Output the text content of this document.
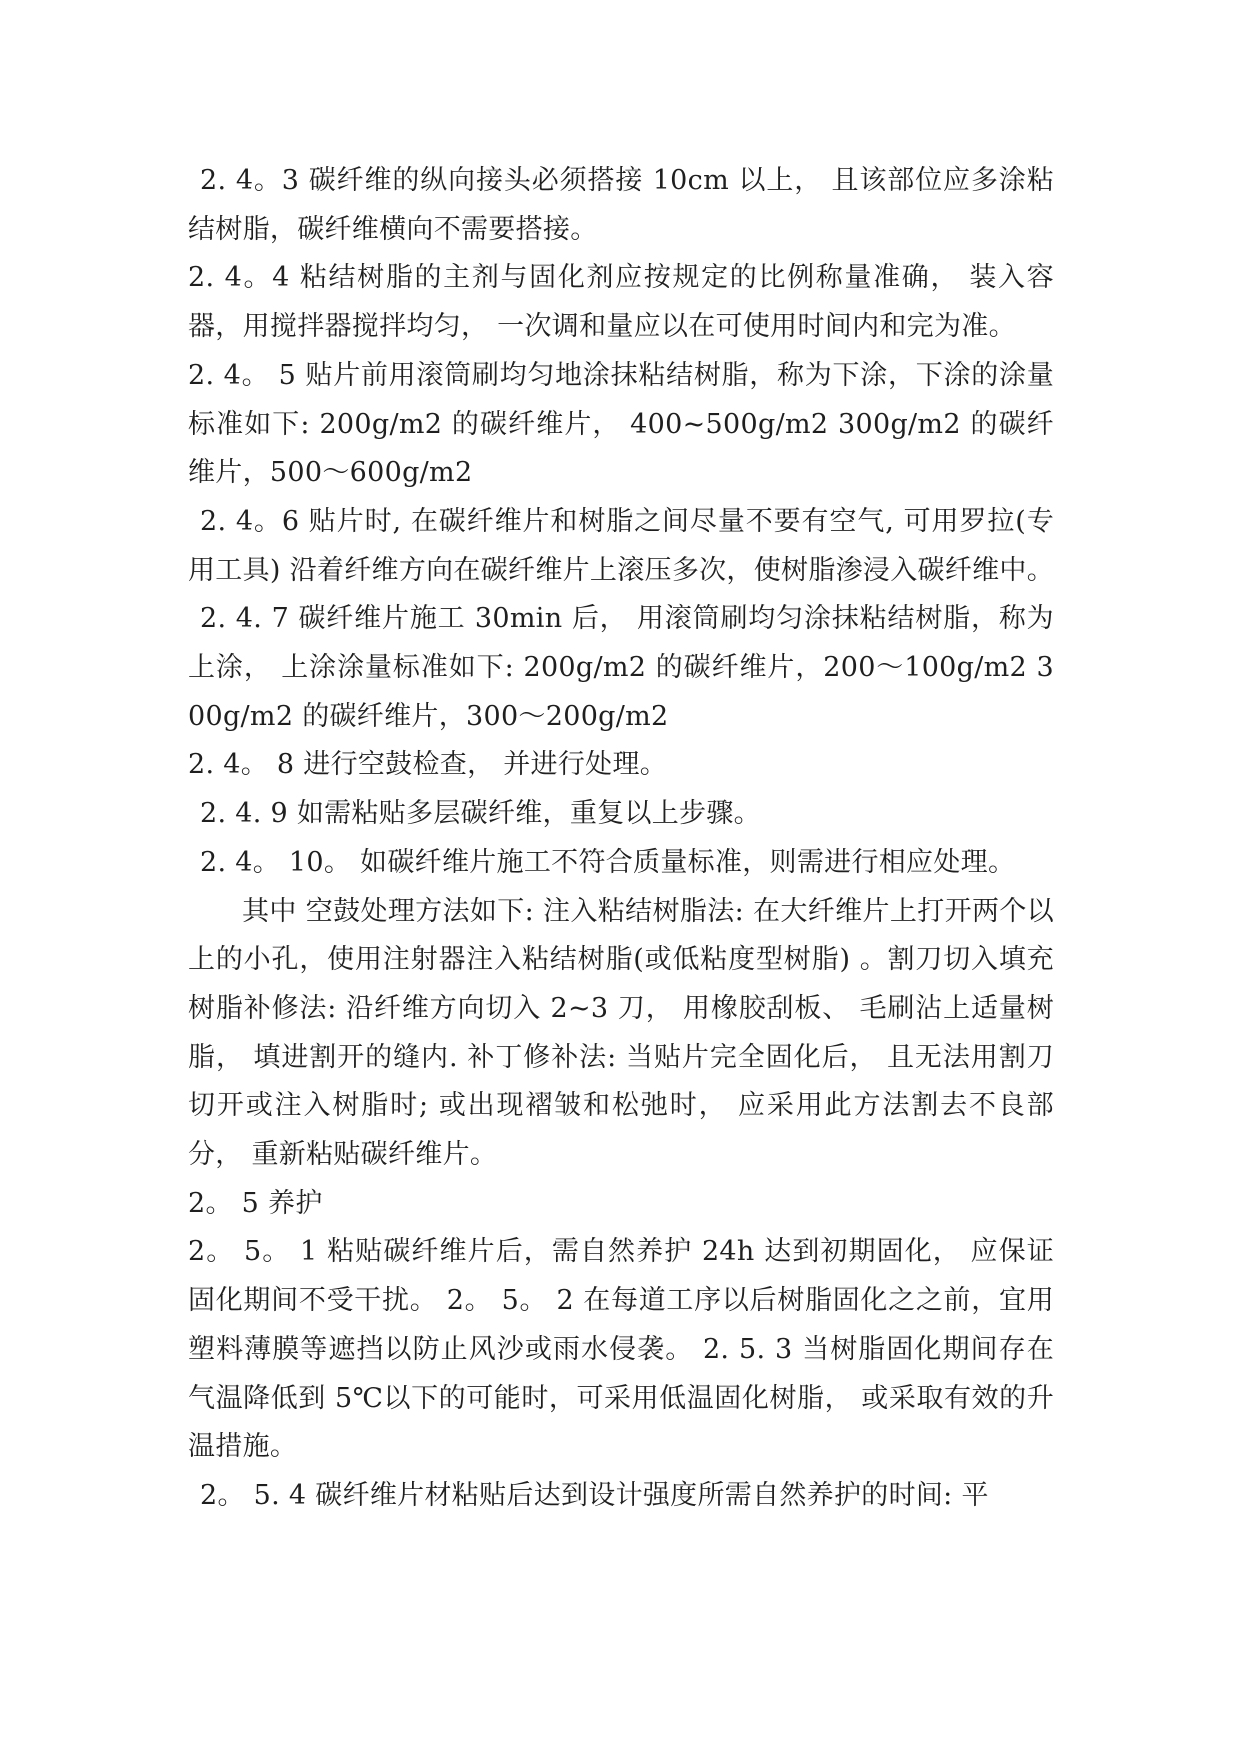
2. 4。3 碳纤维的纵向接头必须搭接 10cm 以上， 且该部位应多涂粘结树脂，碳纤维横向不需要搭接。

2. 4。4 粘结树脂的主剂与固化剂应按规定的比例称量准确， 装入容器，用搅拌器搅拌均匀， 一次调和量应以在可使用时间内和完为准。

2. 4。 5 贴片前用滚筒刷均匀地涂抹粘结树脂，称为下涂，下涂的涂量标准如下: 200g/m2 的碳纤维片， 400~500g/m2 300g/m2 的碳纤维片，500～600g/m2

2. 4。6 贴片时, 在碳纤维片和树脂之间尽量不要有空气, 可用罗拉(专用工具) 沿着纤维方向在碳纤维片上滚压多次，使树脂渗浸入碳纤维中。

2. 4. 7 碳纤维片施工 30min 后， 用滚筒刷均匀涂抹粘结树脂，称为上涂， 上涂涂量标准如下: 200g/m2 的碳纤维片，200～100g/m2 300g/m2 的碳纤维片，300～200g/m2

2. 4。 8 进行空鼓检查， 并进行处理。

2. 4. 9 如需粘贴多层碳纤维，重复以上步骤。

2. 4。 10。 如碳纤维片施工不符合质量标准，则需进行相应处理。

其中 空鼓处理方法如下: 注入粘结树脂法: 在大纤维片上打开两个以上的小孔，使用注射器注入粘结树脂(或低粘度型树脂) 。割刀切入填充树脂补修法: 沿纤维方向切入 2~3 刀， 用橡胶刮板、 毛刷沾上适量树脂， 填进割开的缝内. 补丁修补法: 当贴片完全固化后， 且无法用割刀切开或注入树脂时; 或出现褶皱和松弛时， 应采用此方法割去不良部分， 重新粘贴碳纤维片。

2。 5 养护

2。 5。 1 粘贴碳纤维片后，需自然养护 24h 达到初期固化， 应保证固化期间不受干扰。 2。 5。 2 在每道工序以后树脂固化之之前，宜用塑料薄膜等遮挡以防止风沙或雨水侵袭。 2. 5. 3 当树脂固化期间存在气温降低到 5℃以下的可能时，可采用低温固化树脂， 或采取有效的升温措施。

2。 5. 4 碳纤维片材粘贴后达到设计强度所需自然养护的时间: 平
